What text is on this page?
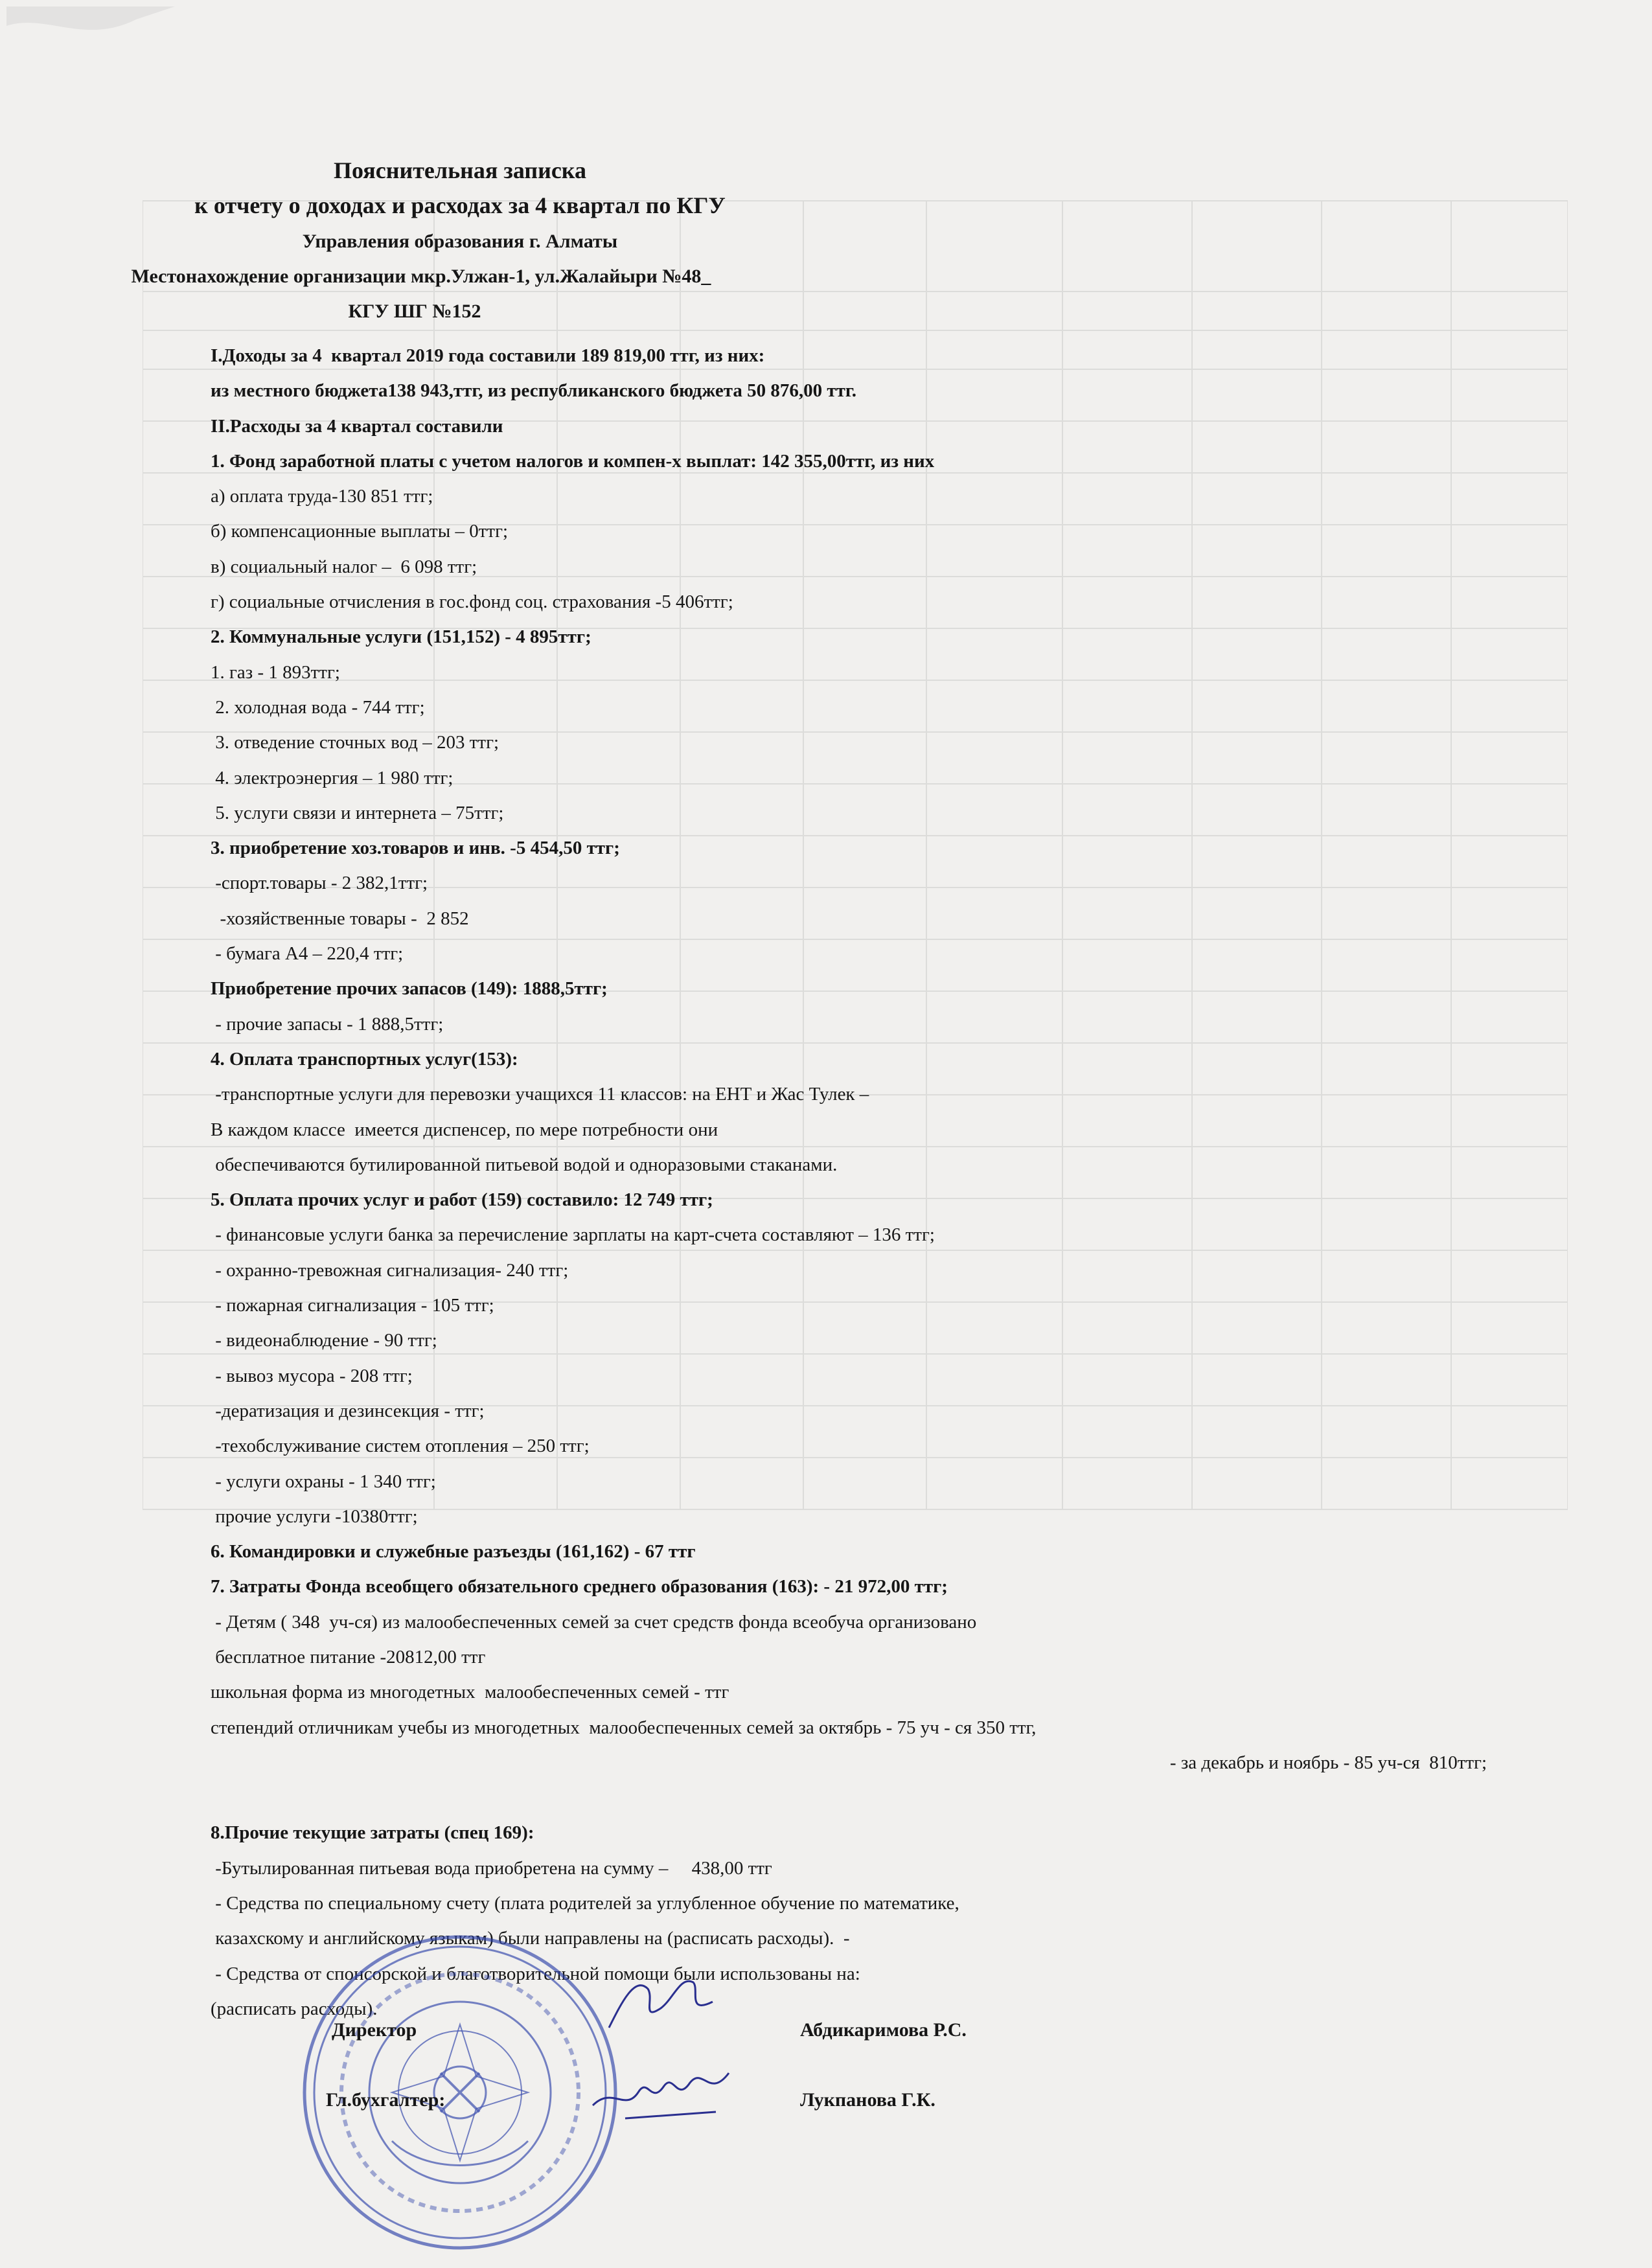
Пояснительная записка
к отчету о доходах и расходах за 4 квартал по КГУ
Управления образования г. Алматы
Местонахождение организации мкр.Улжан-1, ул.Жалайыри №48_
КГУ ШГ №152
I.Доходы за 4  квартал 2019 года составили 189 819,00 ттг, из них:
из местного бюджета138 943,ттг, из республиканского бюджета 50 876,00 ттг.
II.Расходы за 4 квартал составили
1. Фонд заработной платы с учетом налогов и компен-х выплат: 142 355,00ттг, из них
а) оплата труда-130 851 ттг;
б) компенсационные выплаты – 0ттг;
в) социальный налог –  6 098 ттг;
г) социальные отчисления в гос.фонд соц. страхования -5 406ттг;
2. Коммунальные услуги (151,152) - 4 895ттг;
1. газ - 1 893ттг;
2. холодная вода - 744 ттг;
3. отведение сточных вод – 203 ттг;
4. электроэнергия – 1 980 ттг;
5. услуги связи и интернета – 75ттг;
3. приобретение хоз.товаров и инв. -5 454,50 ттг;
-спорт.товары - 2 382,1ттг;
-хозяйственные товары -  2 852
- бумага А4 – 220,4 ттг;
Приобретение прочих запасов (149): 1888,5ттг;
- прочие запасы - 1 888,5ттг;
4. Оплата транспортных услуг(153):
-транспортные услуги для перевозки учащихся 11 классов: на ЕНТ и Жас Тулек –
В каждом классе  имеется диспенсер, по мере потребности они
обеспечиваются бутилированной питьевой водой и одноразовыми стаканами.
5. Оплата прочих услуг и работ (159) составило: 12 749 ттг;
- финансовые услуги банка за перечисление зарплаты на карт-счета составляют – 136 ттг;
- охранно-тревожная сигнализация- 240 ттг;
- пожарная сигнализация - 105 ттг;
- видеонаблюдение - 90 ттг;
- вывоз мусора - 208 ттг;
-дератизация и дезинсекция - ттг;
-техобслуживание систем отопления – 250 ттг;
- услуги охраны - 1 340 ттг;
прочие услуги -10380ттг;
6. Командировки и служебные разъезды (161,162) - 67 ттг
7. Затраты Фонда всеобщего обязательного среднего образования (163): - 21 972,00 ттг;
- Детям ( 348  уч-ся) из малообеспеченных семей за счет средств фонда всеобуча организовано
бесплатное питание -20812,00 ттг
школьная форма из многодетных  малообеспеченных семей - ттг
степендий отличникам учебы из многодетных  малообеспеченных семей за октябрь - 75 уч - ся 350 ттг,
- за декабрь и ноябрь - 85 уч-ся  810ттг;
8.Прочие текущие затраты (спец 169):
-Бутылированная питьевая вода приобретена на сумму –     438,00 ттг
- Средства по специальному счету (плата родителей за углубленное обучение по математике,
казахскому и английскому языкам) были направлены на (расписать расходы).  -
- Средства от спонсорской и благотворительной помощи были использованы на:
(расписать расходы).
Директор	Абдикаримова Р.С.
Гл.бухгалтер:	Лукпанова Г.К.
